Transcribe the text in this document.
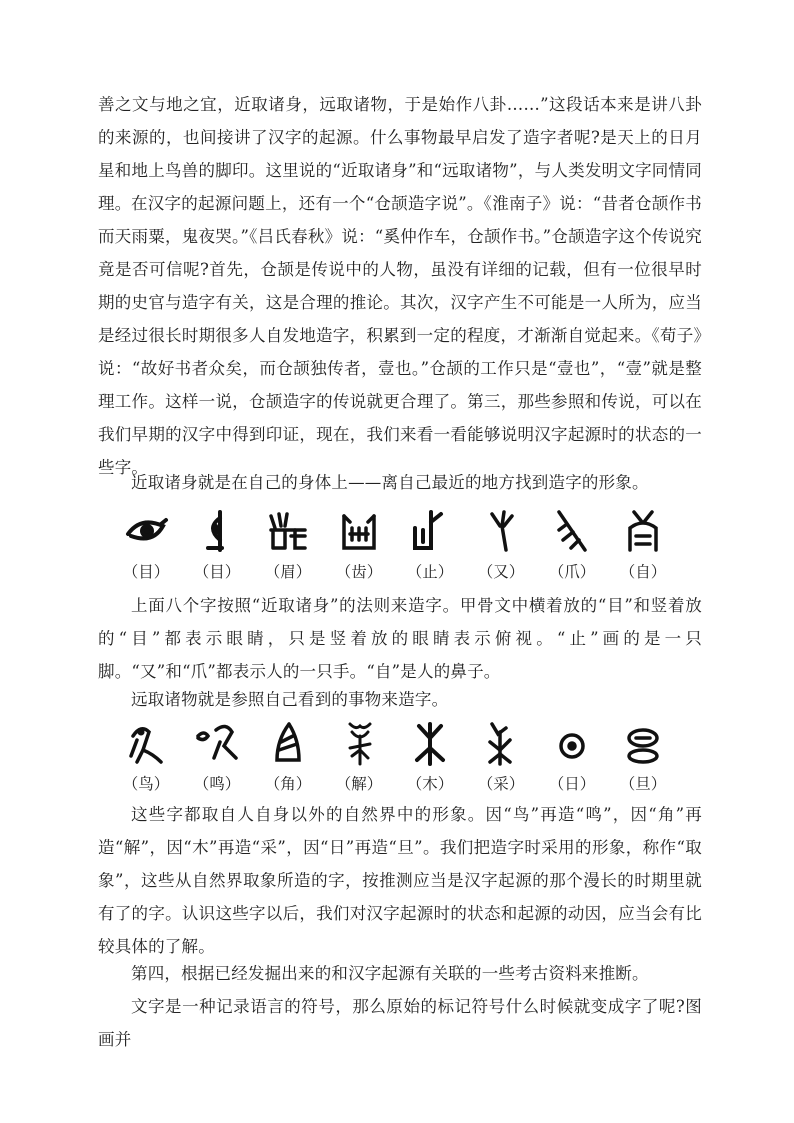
善之文与地之宜，近取诸身，远取诸物，于是始作八卦……”这段话本来是讲八卦的来源的，也间接讲了汉字的起源。什么事物最早启发了造字者呢?是天上的日月星和地上鸟兽的脚印。这里说的“近取诸身”和“远取诸物”，与人类发明文字同情同理。 在汉字的起源问题上，还有一个“仓颉造字说”。《淮南子》说：“昔者仓颉作书而天雨粟，鬼夜哭。”《吕氏春秋》说：“奚仲作车，仓颉作书。”仓颉造字这个传说究竟是否可信呢?首先，仓颉是传说中的人物，虽没有详细的记载，但有一位很早时期的史官与造字有关，这是合理的推论。其次，汉字产生不可能是一人所为，应当是经过很长时期很多人自发地造字，积累到一定的程度，才渐渐自觉起来。《荀子》说：“故好书者众矣，而仓颉独传者，壹也。”仓颉的工作只是“壹也”，“壹”就是整理工作。这样一说，仓颉造字的传说就更合理了。第三，那些参照和传说，可以在我们早期的汉字中得到印证，现在，我们来看一看能够说明汉字起源时的状态的一些字。

近取诸身就是在自己的身体上——离自己最近的地方找到造字的形象。

（目）	（目）	（眉）	（齿）	（止）	（又）	（爪）	（自）

上面八个字按照“近取诸身”的法则来造字。甲骨文中横着放的“目”和竖着放的“目”都表示眼睛，只是竖着放的眼睛表示俯视。“止”画的是一只脚。“又”和“爪”都表示人的一只手。“自”是人的鼻子。

远取诸物就是参照自己看到的事物来造字。

（鸟）	（鸣）	（角）	（解）	（木）	（采）	（日）	（旦）

这些字都取自人自身以外的自然界中的形象。因“鸟”再造“鸣”，因“角”再造“解”，因“木”再造“采”，因“日”再造“旦”。我们把造字时采用的形象，称作“取象”，这些从自然界取象所造的字，按推测应当是汉字起源的那个漫长的时期里就有了的字。认识这些字以后，我们对汉字起源时的状态和起源的动因，应当会有比较具体的了解。

第四，根据已经发掘出来的和汉字起源有关联的一些考古资料来推断。

文字是一种记录语言的符号，那么原始的标记符号什么时候就变成字了呢?图画并
